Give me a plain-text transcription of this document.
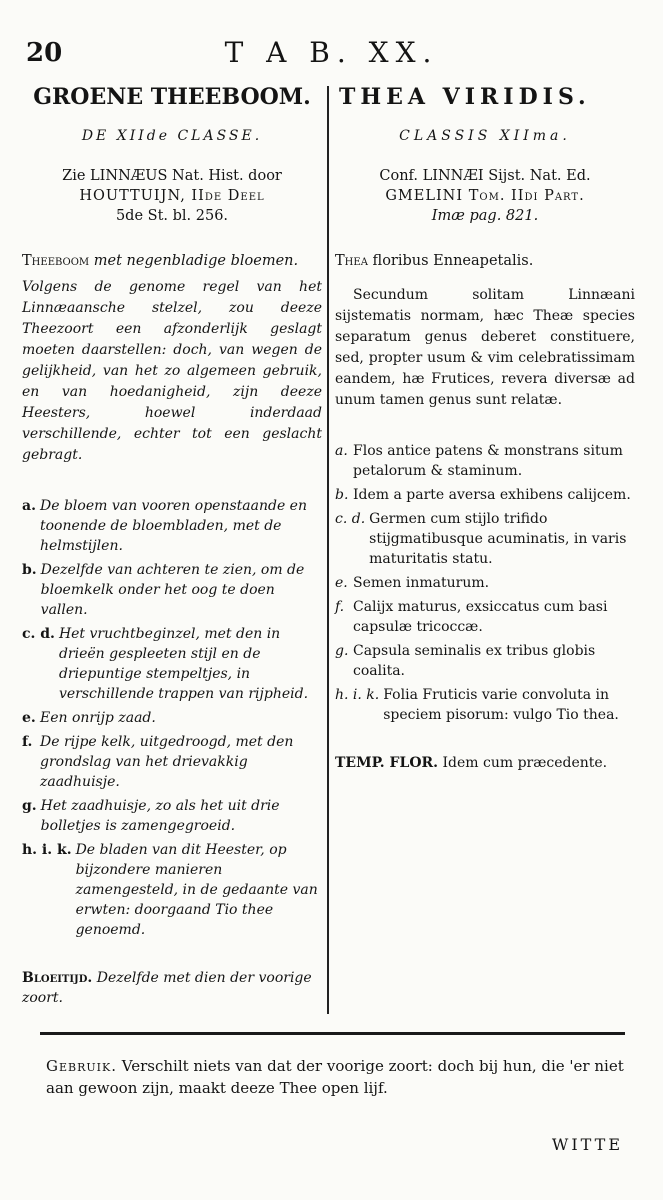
20	T A B. XX.
GROENE THEEBOOM.
DE XIIde CLASSE.
Zie LINNÆUS Nat. Hist. door
HOUTTUIJN, IIde Deel
5de St. bl. 256.
Theeboom met negenbladige bloemen.
Volgens de genome regel van het Linnæaansche stelzel, zou deeze Theezoort een afzonderlijk geslagt moeten daarstellen: doch, van wegen de gelijkheid, van het zo algemeen gebruik, en van hoedanigheid, zijn deeze Heesters, hoewel inderdaad verschillende, echter tot een geslacht gebragt.
a. De bloem van vooren openstaande en toonende de bloembladen, met de helmstijlen.
b. Dezelfde van achteren te zien, om de bloemkelk onder het oog te doen vallen.
c. d. Het vruchtbeginzel, met den in drieën gespleeten stijl en de driepuntige stempeltjes, in verschillende trappen van rijpheid.
e. Een onrijp zaad.
f. De rijpe kelk, uitgedroogd, met den grondslag van het drievakkig zaadhuisje.
g. Het zaadhuisje, zo als het uit drie bolletjes is zamengegroeid.
h. i. k. De bladen van dit Heester, op bijzondere manieren zamengesteld, in de gedaante van erwten: doorgaand Tio thee genoemd.
Bloeitijd. Dezelfde met dien der voorige zoort.
THEA VIRIDIS.
CLASSIS XIIma.
Conf. LINNÆI Sijst. Nat. Ed.
GMELINI Tom. IIdi Part.
Imæ pag. 821.
Thea floribus Enneapetalis.
Secundum solitam Linnæani sijstematis normam, hæc Theæ species separatum genus deberet constituere, sed, propter usum & vim celebratissimam eandem, hæ Frutices, revera diversæ ad unum tamen genus sunt relatæ.
a. Flos antice patens & monstrans situm petalorum & staminum.
b. Idem a parte aversa exhibens calijcem.
c. d. Germen cum stijlo trifido stijgmatibusque acuminatis, in varis maturitatis statu.
e. Semen inmaturum.
f. Calijx maturus, exsiccatus cum basi capsulæ tricoccæ.
g. Capsula seminalis ex tribus globis coalita.
h. i. k. Folia Fruticis varie convoluta in speciem pisorum: vulgo Tio thea.
TEMP. FLOR. Idem cum præcedente.
Gebruik. Verschilt niets van dat der voorige zoort: doch bij hun, die 'er niet aan gewoon zijn, maakt deeze Thee open lijf.
WITTE
